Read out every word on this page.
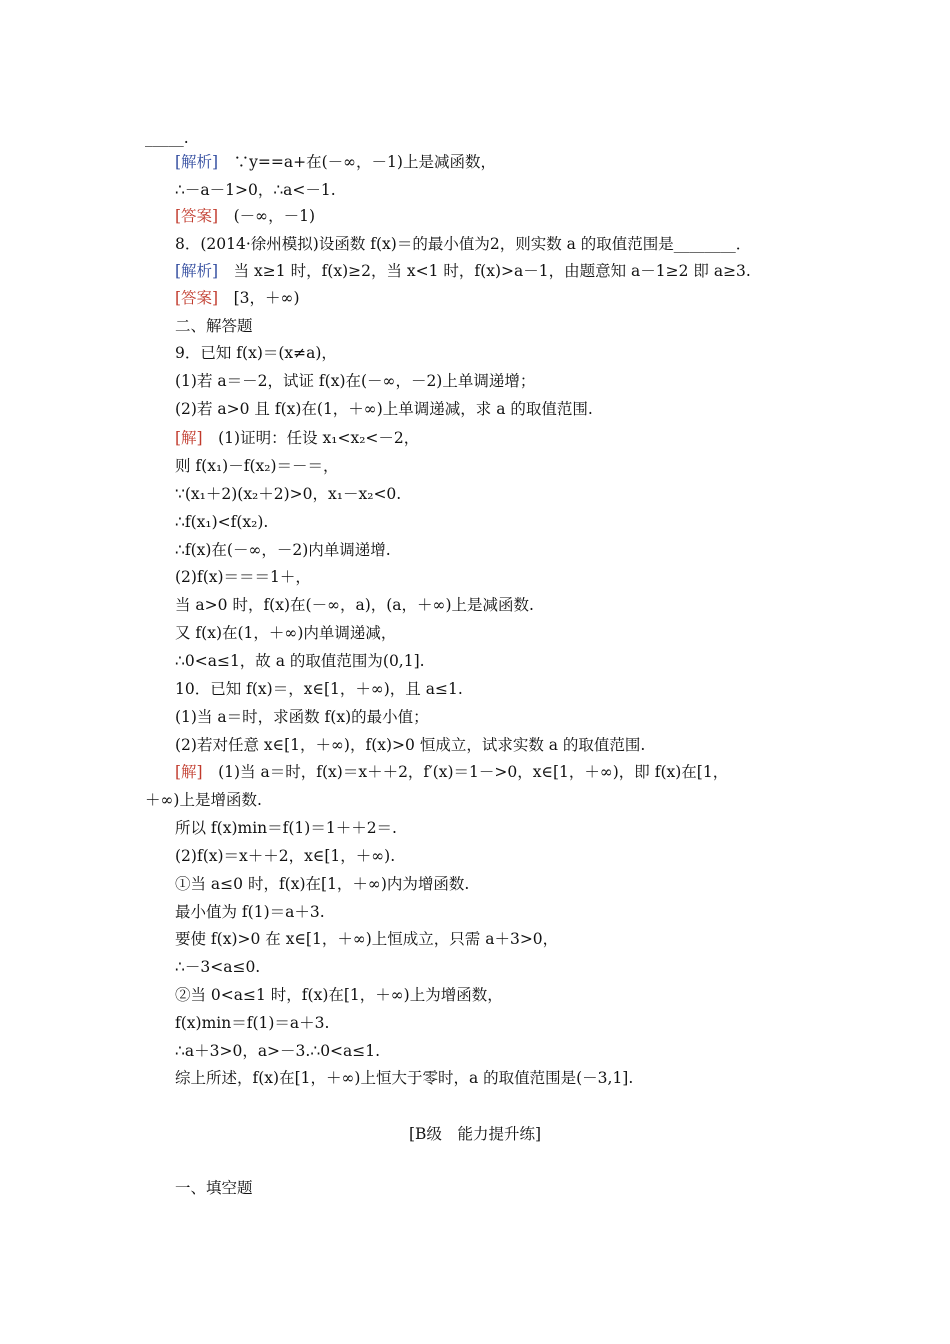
_____.
[解析]　 ∵y==a+在(－∞，－1)上是减函数，
∴－a－1>0，∴a<－1.
[答案]　 (－∞，－1)
8．(2014·徐州模拟)设函数 f(x)＝的最小值为2，则实数 a 的取值范围是________．
[解析]　 当 x≥1 时，f(x)≥2，当 x<1 时，f(x)>a－1，由题意知 a－1≥2 即 a≥3.
[答案]　 [3，＋∞)
二、解答题
9．已知 f(x)＝(x≠a)，
(1)若 a＝－2，试证 f(x)在(－∞，－2)上单调递增；
(2)若 a>0 且 f(x)在(1，＋∞)上单调递减，求 a 的取值范围.
[解]　 (1)证明：任设 x₁<x₂<－2，
则 f(x₁)－f(x₂)＝－＝，
∵(x₁＋2)(x₂＋2)>0，x₁－x₂<0.
∴f(x₁)<f(x₂).
∴f(x)在(－∞，－2)内单调递增.
(2)f(x)＝＝＝1＋，
当 a>0 时，f(x)在(－∞，a)，(a，＋∞)上是减函数.
又 f(x)在(1，＋∞)内单调递减，
∴0<a≤1，故 a 的取值范围为(0,1].
10．已知 f(x)＝，x∈[1，＋∞)，且 a≤1.
(1)当 a＝时，求函数 f(x)的最小值；
(2)若对任意 x∈[1，＋∞)，f(x)>0 恒成立，试求实数 a 的取值范围.
[解]　 (1)当 a＝时，f(x)＝x＋＋2，f′(x)＝1－>0，x∈[1，＋∞)，即 f(x)在[1，
＋∞)上是增函数.
所以 f(x)min＝f(1)＝1＋＋2＝.
(2)f(x)＝x＋＋2，x∈[1，＋∞).
①当 a≤0 时，f(x)在[1，＋∞)内为增函数.
最小值为 f(1)＝a＋3.
要使 f(x)>0 在 x∈[1，＋∞)上恒成立，只需 a＋3>0，
∴－3<a≤0.
②当 0<a≤1 时，f(x)在[1，＋∞)上为增函数，
f(x)min＝f(1)＝a＋3.
∴a＋3>0，a>－3.∴0<a≤1.
综上所述，f(x)在[1，＋∞)上恒大于零时，a 的取值范围是(－3,1].
[B级　能力提升练]
一、填空题
